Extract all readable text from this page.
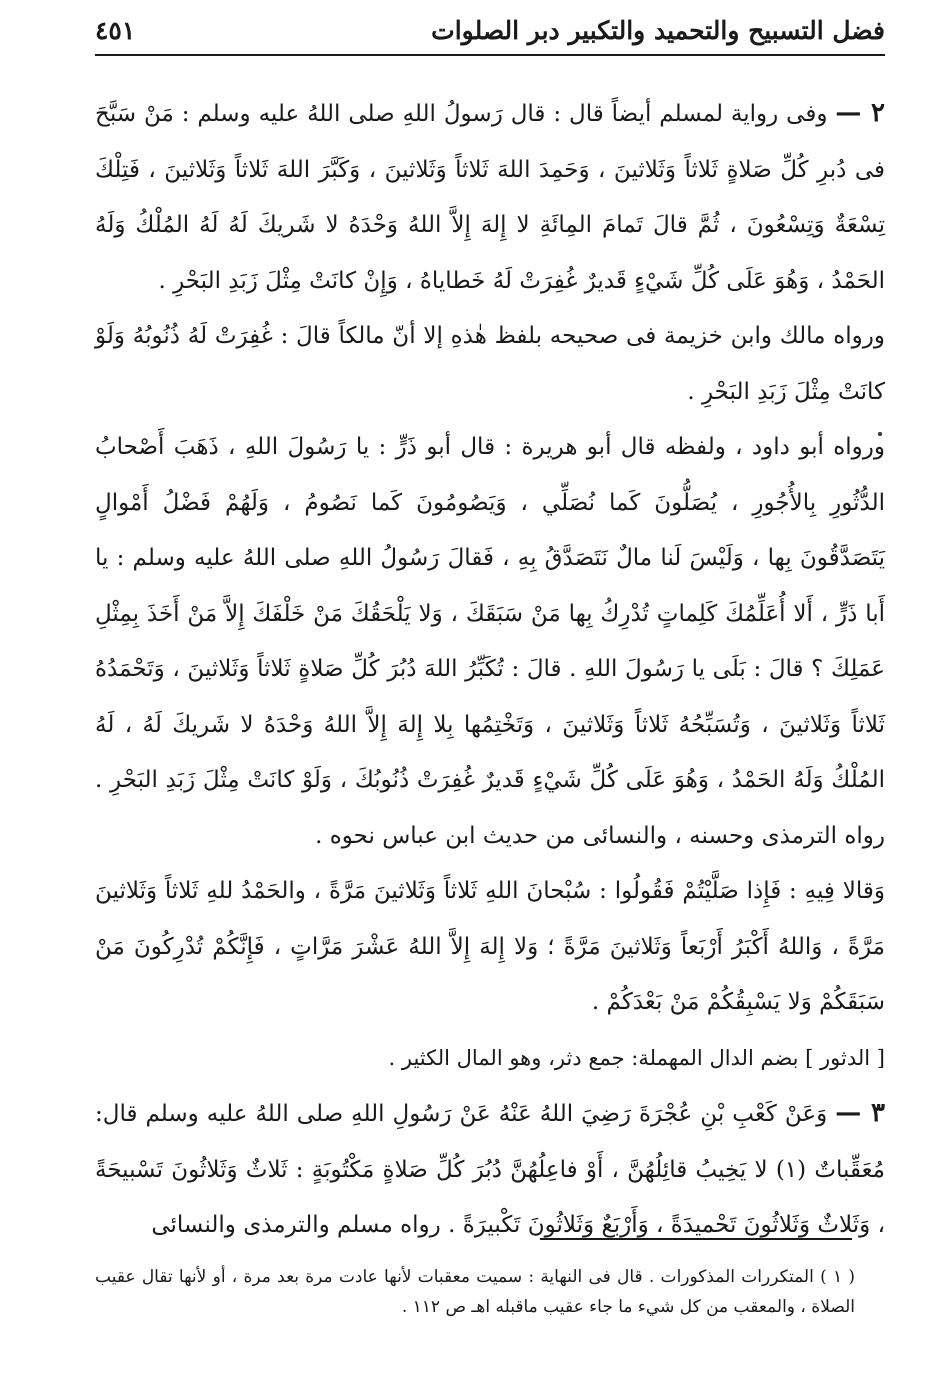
فضل التسبيح والتحميد والتكبير دبر الصلوات
٤٥١

٢ — وفى رواية لمسلم أيضاً قال : قال رَسولُ اللهِ صلى اللهُ عليه وسلم : مَنْ سَبَّحَ فى دُبرِ كُلِّ صَلاةٍ ثَلاثاً وَثَلاثينَ ، وَحَمِدَ اللهَ ثَلاثاً وَثَلاثينَ ، وَكَبَّرَ اللهَ ثَلاثاً وَثَلاثينَ ، فَتِلْكَ تِسْعَةٌ وَتِسْعُونَ ، ثُمَّ قالَ تَمامَ المِائَةِ لا إِلهَ إِلاَّ اللهُ وَحْدَهُ لا شَريكَ لَهُ لَهُ المُلْكُ وَلَهُ الحَمْدُ ، وَهُوَ عَلَى كُلِّ شَيْءٍ قَديرٌ غُفِرَتْ لَهُ خَطاياهُ ، وَإِنْ كانَتْ مِثْلَ زَبَدِ البَحْرِ .

ورواه مالك وابن خزيمة فى صحيحه بلفظ هٰذهِ إلا أنّ مالكاً قالَ : غُفِرَتْ لَهُ ذُنُوبُهُ وَلَوْ كانَتْ مِثْلَ زَبَدِ البَحْرِ .

ورواه أبو داود ، ولفظه قال أبو هريرة : قال أبو ذَرٍّ : يا رَسُولَ اللهِ ، ذَهَبَ أَصْحابُ الدُّثُورِ بِالأُجُورِ ، يُصَلُّونَ كَما نُصَلِّي ، وَيَصُومُونَ كَما نَصُومُ ، وَلَهُمْ فَضْلُ أَمْوالٍ يَتَصَدَّقُونَ بِها ، وَلَيْسَ لَنا مالٌ نَتَصَدَّقُ بِهِ ، فَقالَ رَسُولُ اللهِ صلى اللهُ عليه وسلم : يا أَبا ذَرٍّ ، أَلا أُعَلِّمُكَ كَلِماتٍ تُدْرِكُ بِها مَنْ سَبَقَكَ ، وَلا يَلْحَقُكَ مَنْ خَلْفَكَ إِلاَّ مَنْ أَخَذَ بِمِثْلِ عَمَلِكَ ؟ قالَ : بَلَى يا رَسُولَ اللهِ . قالَ : تُكَبِّرُ اللهَ دُبُرَ كُلِّ صَلاةٍ ثَلاثاً وَثَلاثينَ ، وَتَحْمَدُهُ ثَلاثاً وَثَلاثينَ ، وَتُسَبِّحُهُ ثَلاثاً وَثَلاثينَ ، وَتَخْتِمُها بِلا إِلهَ إِلاَّ اللهُ وَحْدَهُ لا شَريكَ لَهُ ، لَهُ المُلْكُ وَلَهُ الحَمْدُ ، وَهُوَ عَلَى كُلِّ شَيْءٍ قَديرٌ غُفِرَتْ ذُنُوبُكَ ، وَلَوْ كانَتْ مِثْلَ زَبَدِ البَحْرِ . رواه الترمذى وحسنه ، والنسائى من حديث ابن عباس نحوه .

وَقالا فِيهِ : فَإِذا صَلَّيْتُمْ فَقُولُوا : سُبْحانَ اللهِ ثَلاثاً وَثَلاثينَ مَرَّةً ، والحَمْدُ للهِ ثَلاثاً وَثَلاثينَ مَرَّةً ، وَاللهُ أَكْبَرُ أَرْبَعاً وَثَلاثينَ مَرَّةً ؛ وَلا إِلهَ إِلاَّ اللهُ عَشْرَ مَرَّاتٍ ، فَإِنَّكُمْ تُدْرِكُونَ مَنْ سَبَقَكُمْ وَلا يَسْبِقُكُمْ مَنْ بَعْدَكُمْ .

[ الدثور ] بضم الدال المهملة: جمع دثر، وهو المال الكثير .

٣ — وَعَنْ كَعْبِ بْنِ عُجْرَةَ رَضِيَ اللهُ عَنْهُ عَنْ رَسُولِ اللهِ صلى اللهُ عليه وسلم قال: مُعَقِّباتٌ (١) لا يَخِيبُ قائِلُهُنَّ ، أَوْ فاعِلُهُنَّ دُبُرَ كُلِّ صَلاةٍ مَكْتُوبَةٍ : ثَلاثٌ وَثَلاثُونَ تَسْبيحَةً ، وَثَلاثٌ وَثَلاثُونَ تَحْميدَةً ، وَأَرْبَعٌ وَثَلاثُونَ تَكْبيرَةً . رواه مسلم والترمذى والنسائى

( ١ ) المتكررات المذكورات . قال فى النهاية : سميت معقبات لأنها عادت مرة بعد مرة ، أو لأنها تقال عقيب الصلاة ، والمعقب من كل شيء ما جاء عقيب ماقبله اهـ ص ١١٢ .
